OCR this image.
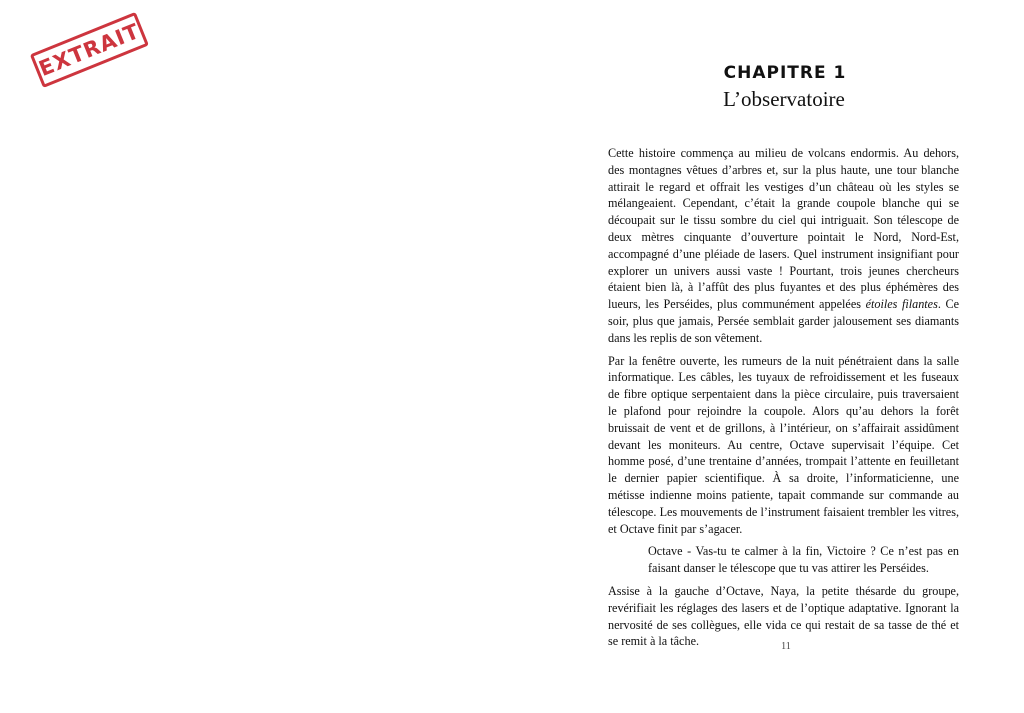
EXTRAIT	CHAPITRE 1
L’observatoire

Cette histoire commença au milieu de volcans endormis. Au dehors, des montagnes vêtues d’arbres et, sur la plus haute, une tour blanche attirait le regard et offrait les vestiges d’un château où les styles se mélangeaient. Cependant, c’était la grande coupole blanche qui se découpait sur le tissu sombre du ciel qui intriguait. Son télescope de deux mètres cinquante d’ouverture pointait le Nord, Nord-Est, accompagné d’une pléiade de lasers. Quel instrument insignifiant pour explorer un univers aussi vaste ! Pourtant, trois jeunes chercheurs étaient bien là, à l’affût des plus fuyantes et des plus éphémères des lueurs, les Perséides, plus communément appelées étoiles filantes. Ce soir, plus que jamais, Persée semblait garder jalousement ses diamants dans les replis de son vêtement.

Par la fenêtre ouverte, les rumeurs de la nuit pénétraient dans la salle informatique. Les câbles, les tuyaux de refroidissement et les fuseaux de fibre optique serpentaient dans la pièce circulaire, puis traversaient le plafond pour rejoindre la coupole. Alors qu’au dehors la forêt bruissait de vent et de grillons, à l’intérieur, on s’affairait assidûment devant les moniteurs. Au centre, Octave supervisait l’équipe. Cet homme posé, d’une trentaine d’années, trompait l’attente en feuilletant le dernier papier scientifique. À sa droite, l’informaticienne, une métisse indienne moins patiente, tapait commande sur commande au télescope. Les mouvements de l’instrument faisaient trembler les vitres, et Octave finit par s’agacer.

Octave - Vas-tu te calmer à la fin, Victoire ? Ce n’est pas en faisant danser le télescope que tu vas attirer les Perséides.

Assise à la gauche d’Octave, Naya, la petite thésarde du groupe, revérifiait les réglages des lasers et de l’optique adaptative. Ignorant la nervosité de ses collègues, elle vida ce qui restait de sa tasse de thé et se remit à la tâche.	11
